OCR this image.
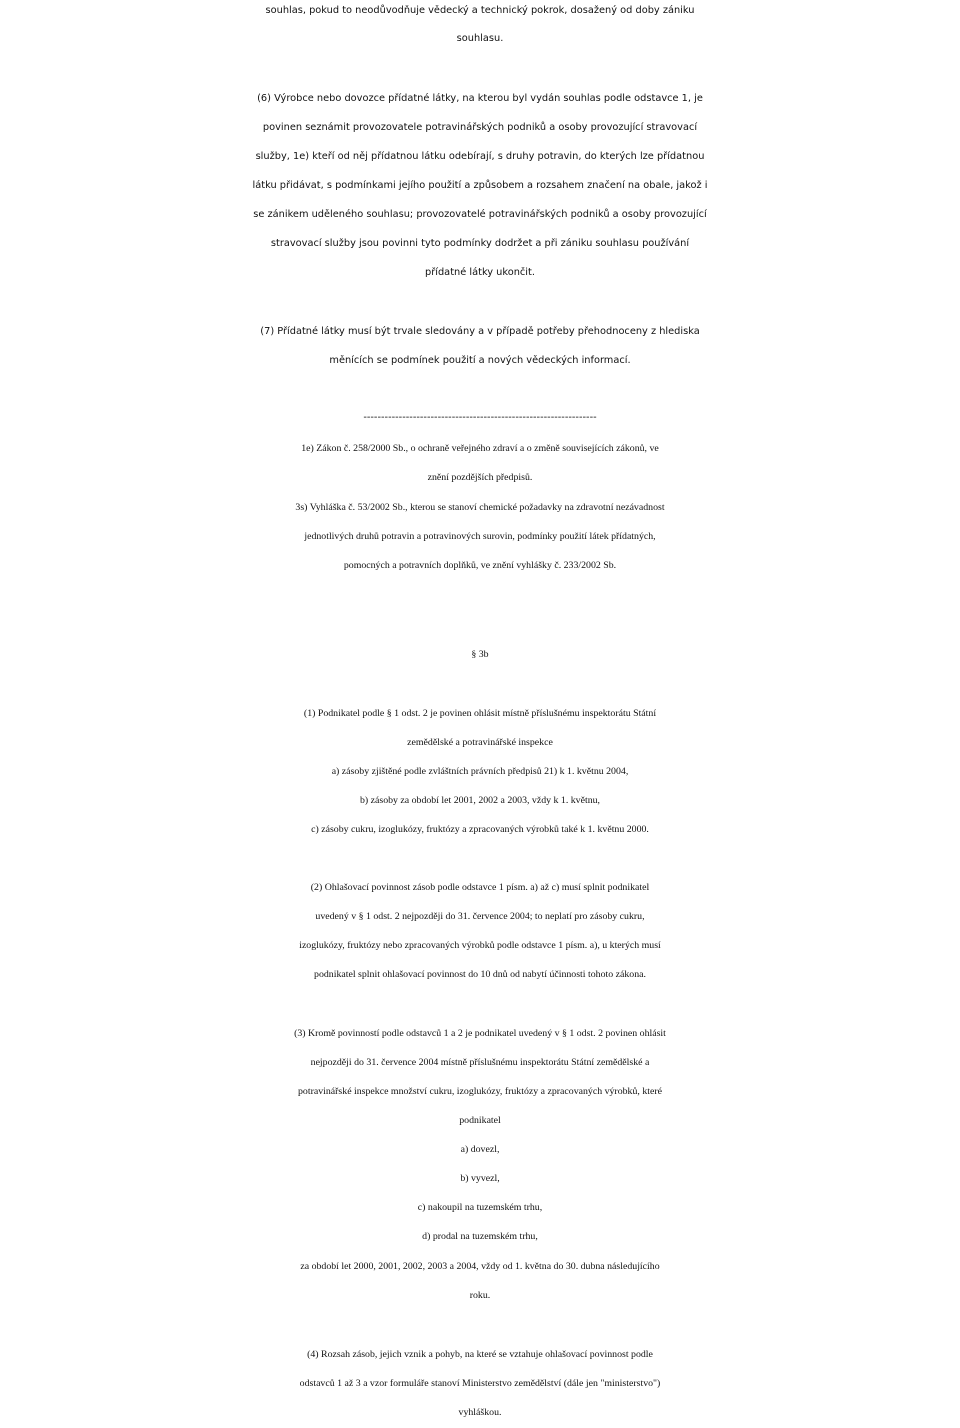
souhlas, pokud to neodůvodňuje vědecký a technický pokrok, dosažený od doby zániku
souhlasu.
(6) Výrobce nebo dovozce přídatné látky, na kterou byl vydán souhlas podle odstavce 1, je
povinen seznámit provozovatele potravinářských podniků a osoby provozující stravovací
služby, 1e) kteří od něj přídatnou látku odebírají, s druhy potravin, do kterých lze přídatnou
látku přidávat, s podmínkami jejího použití a způsobem a rozsahem značení na obale, jakož i
se zánikem uděleného souhlasu; provozovatelé potravinářských podniků a osoby provozující
stravovací služby jsou povinni tyto podmínky dodržet a při zániku souhlasu používání
přídatné látky ukončit.
(7) Přídatné látky musí být trvale sledovány a v případě potřeby přehodnoceny z hlediska
měnících se podmínek použití a nových vědeckých informací.
------------------------------------------------------------------
1e) Zákon č. 258/2000 Sb., o ochraně veřejného zdraví a o změně souvisejících zákonů, ve
znění pozdějších předpisů.
3s) Vyhláška č. 53/2002 Sb., kterou se stanoví chemické požadavky na zdravotní nezávadnost
jednotlivých druhů potravin a potravinových surovin, podmínky použití látek přídatných,
pomocných a potravních doplňků, ve znění vyhlášky č. 233/2002 Sb.
§ 3b
(1) Podnikatel podle § 1 odst. 2 je povinen ohlásit místně příslušnému inspektorátu Státní
zemědělské a potravinářské inspekce
a) zásoby zjištěné podle zvláštních právních předpisů 21) k 1. květnu 2004,
b) zásoby za období let 2001, 2002 a 2003, vždy k 1. květnu,
c) zásoby cukru, izoglukózy, fruktózy a zpracovaných výrobků také k 1. květnu 2000.
(2) Ohlašovací povinnost zásob podle odstavce 1 písm. a) až c) musí splnit podnikatel
uvedený v § 1 odst. 2 nejpozději do 31. července 2004; to neplatí pro zásoby cukru,
izoglukózy, fruktózy nebo zpracovaných výrobků podle odstavce 1 písm. a), u kterých musí
podnikatel splnit ohlašovací povinnost do 10 dnů od nabytí účinnosti tohoto zákona.
(3) Kromě povinností podle odstavců 1 a 2 je podnikatel uvedený v § 1 odst. 2 povinen ohlásit
nejpozději do 31. července 2004 místně příslušnému inspektorátu Státní zemědělské a
potravinářské inspekce množství cukru, izoglukózy, fruktózy a zpracovaných výrobků, které
podnikatel
a) dovezl,
b) vyvezl,
c) nakoupil na tuzemském trhu,
d) prodal na tuzemském trhu,
za období let 2000, 2001, 2002, 2003 a 2004, vždy od 1. května do 30. dubna následujícího
roku.
(4) Rozsah zásob, jejich vznik a pohyb, na které se vztahuje ohlašovací povinnost podle
odstavců 1 až 3 a vzor formuláře stanoví Ministerstvo zemědělství (dále jen "ministerstvo")
vyhláškou.
